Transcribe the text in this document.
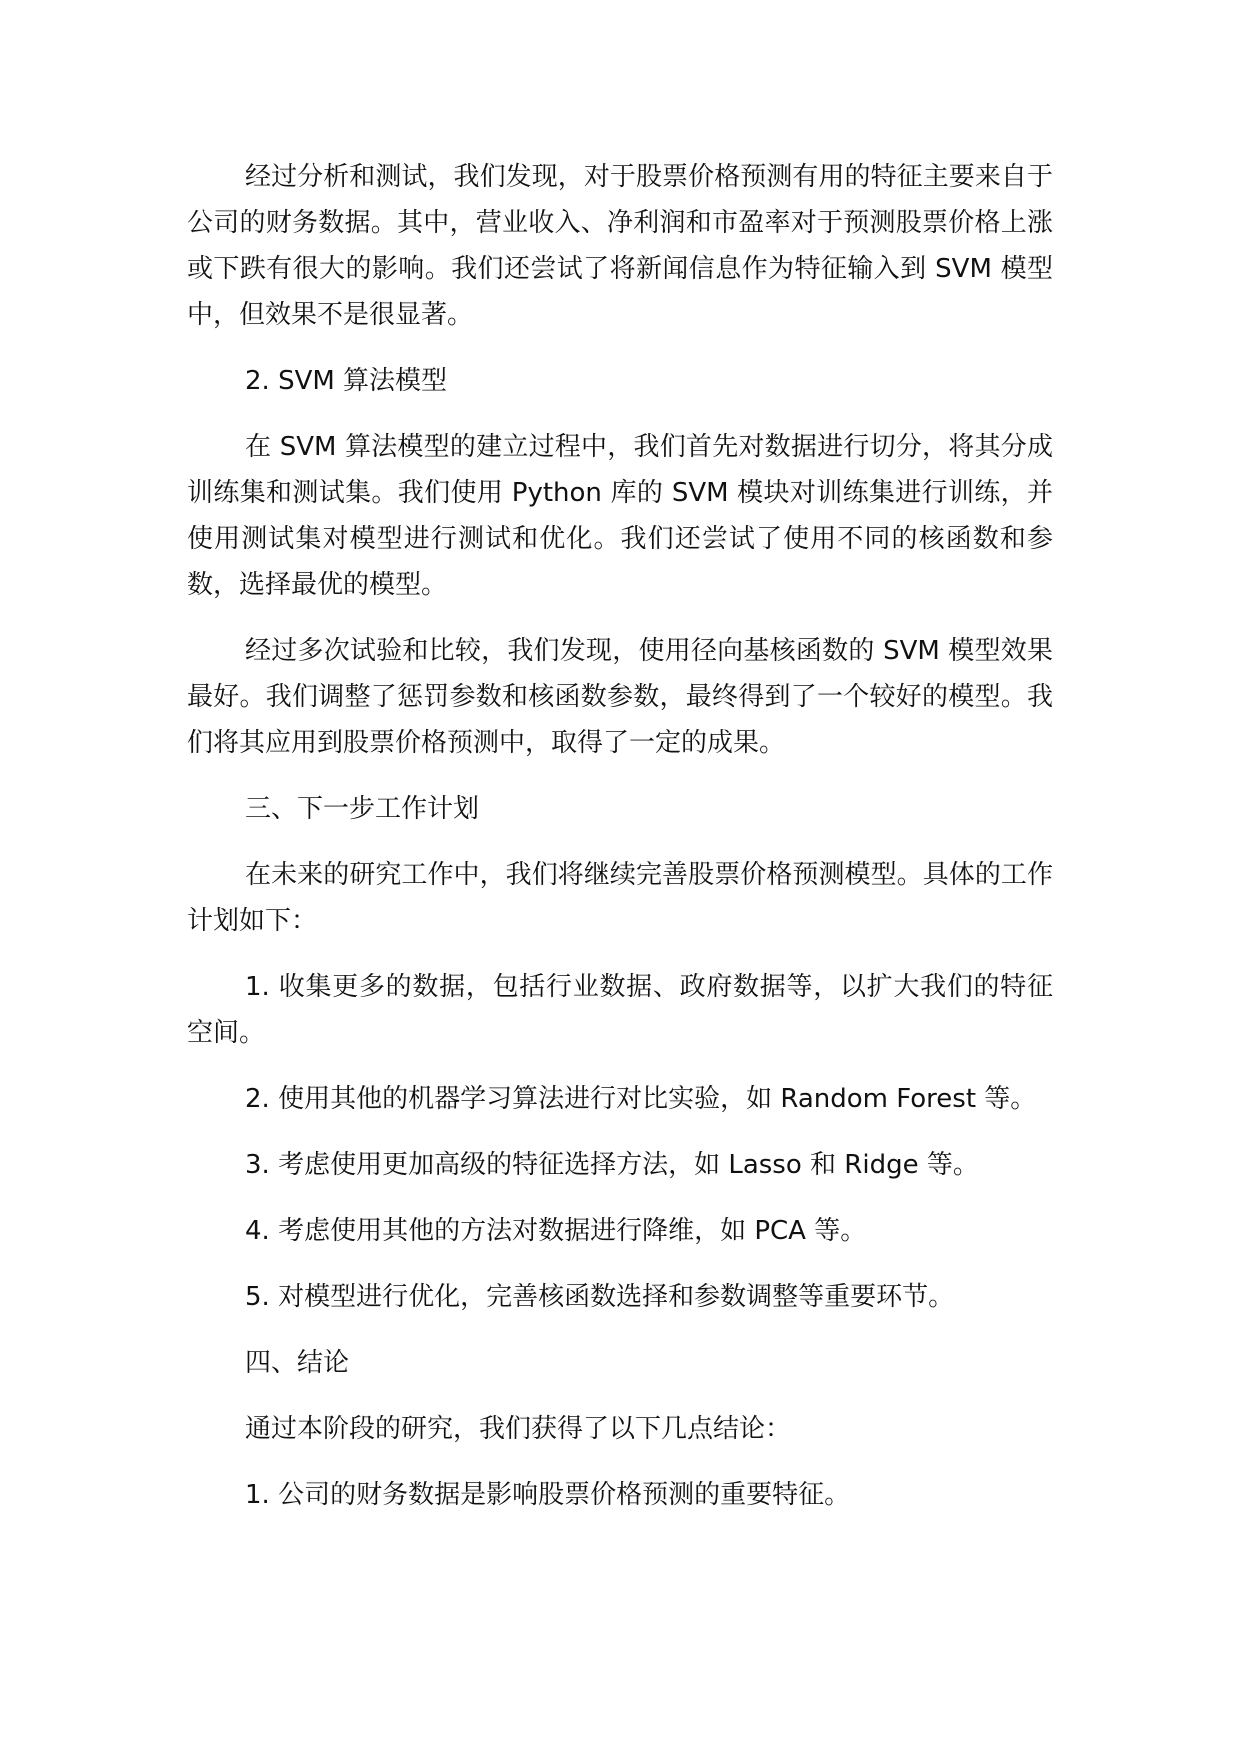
经过分析和测试，我们发现，对于股票价格预测有用的特征主要来自于公司的财务数据。其中，营业收入、净利润和市盈率对于预测股票价格上涨或下跌有很大的影响。我们还尝试了将新闻信息作为特征输入到 SVM 模型中，但效果不是很显著。

2. SVM 算法模型

在 SVM 算法模型的建立过程中，我们首先对数据进行切分，将其分成训练集和测试集。我们使用 Python 库的 SVM 模块对训练集进行训练，并使用测试集对模型进行测试和优化。我们还尝试了使用不同的核函数和参数，选择最优的模型。

经过多次试验和比较，我们发现，使用径向基核函数的 SVM 模型效果最好。我们调整了惩罚参数和核函数参数，最终得到了一个较好的模型。我们将其应用到股票价格预测中，取得了一定的成果。

三、下一步工作计划

在未来的研究工作中，我们将继续完善股票价格预测模型。具体的工作计划如下：

1. 收集更多的数据，包括行业数据、政府数据等，以扩大我们的特征空间。

2. 使用其他的机器学习算法进行对比实验，如 Random Forest 等。

3. 考虑使用更加高级的特征选择方法，如 Lasso 和 Ridge 等。

4. 考虑使用其他的方法对数据进行降维，如 PCA 等。

5. 对模型进行优化，完善核函数选择和参数调整等重要环节。

四、结论

通过本阶段的研究，我们获得了以下几点结论：

1. 公司的财务数据是影响股票价格预测的重要特征。
